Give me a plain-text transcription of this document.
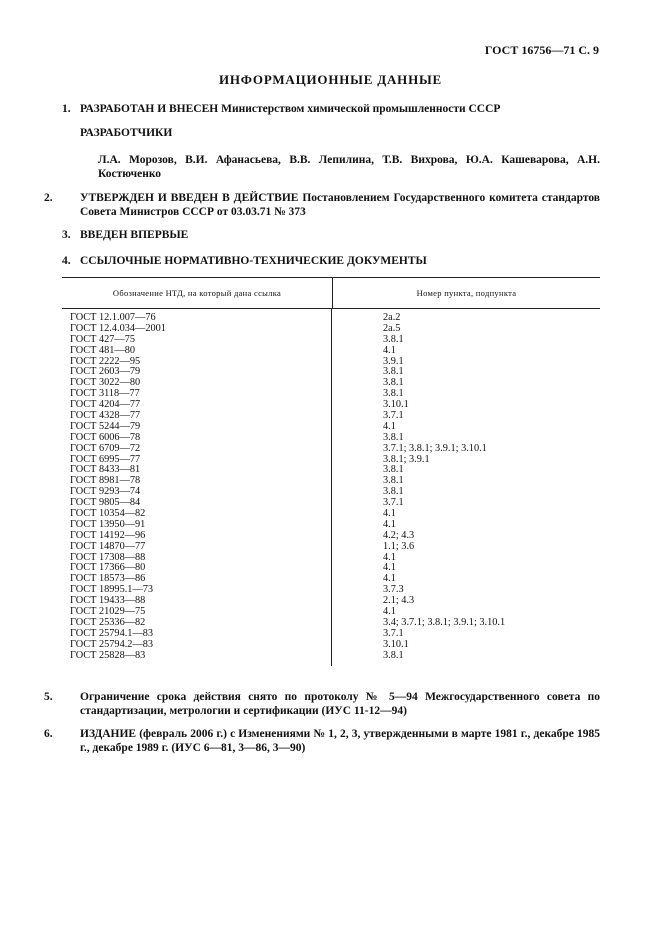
ГОСТ 16756—71 С. 9
ИНФОРМАЦИОННЫЕ ДАННЫЕ
1. РАЗРАБОТАН И ВНЕСЕН Министерством химической промышленности СССР
РАЗРАБОТЧИКИ
Л.А. Морозов, В.И. Афанасьева, В.В. Лепилина, Т.В. Вихрова, Ю.А. Кашеварова, А.Н. Костюченко
2. УТВЕРЖДЕН И ВВЕДЕН В ДЕЙСТВИЕ Постановлением Государственного комитета стандартов Совета Министров СССР от 03.03.71 № 373
3. ВВЕДЕН ВПЕРВЫЕ
4. ССЫЛОЧНЫЕ НОРМАТИВНО-ТЕХНИЧЕСКИЕ ДОКУМЕНТЫ
Обозначение НТД, на который дана ссылка	Номер пункта, подпункта
ГОСТ 12.1.007—76
ГОСТ 12.4.034—2001
ГОСТ 427—75
ГОСТ 481—80
ГОСТ 2222—95
ГОСТ 2603—79
ГОСТ 3022—80
ГОСТ 3118—77
ГОСТ 4204—77
ГОСТ 4328—77
ГОСТ 5244—79
ГОСТ 6006—78
ГОСТ 6709—72
ГОСТ 6995—77
ГОСТ 8433—81
ГОСТ 8981—78
ГОСТ 9293—74
ГОСТ 9805—84
ГОСТ 10354—82
ГОСТ 13950—91
ГОСТ 14192—96
ГОСТ 14870—77
ГОСТ 17308—88
ГОСТ 17366—80
ГОСТ 18573—86
ГОСТ 18995.1—73
ГОСТ 19433—88
ГОСТ 21029—75
ГОСТ 25336—82
ГОСТ 25794.1—83
ГОСТ 25794.2—83
ГОСТ 25828—83
2а.2
2а.5
3.8.1
4.1
3.9.1
3.8.1
3.8.1
3.8.1
3.10.1
3.7.1
4.1
3.8.1
3.7.1; 3.8.1; 3.9.1; 3.10.1
3.8.1; 3.9.1
3.8.1
3.8.1
3.8.1
3.7.1
4.1
4.1
4.2; 4.3
1.1; 3.6
4.1
4.1
4.1
3.7.3
2.1; 4.3
4.1
3.4; 3.7.1; 3.8.1; 3.9.1; 3.10.1
3.7.1
3.10.1
3.8.1
5. Ограничение срока действия снято по протоколу № 5—94 Межгосударственного совета по стандартизации, метрологии и сертификации (ИУС 11-12—94)
6. ИЗДАНИЕ (февраль 2006 г.) с Изменениями № 1, 2, 3, утвержденными в марте 1981 г., декабре 1985 г., декабре 1989 г. (ИУС 6—81, 3—86, 3—90)
